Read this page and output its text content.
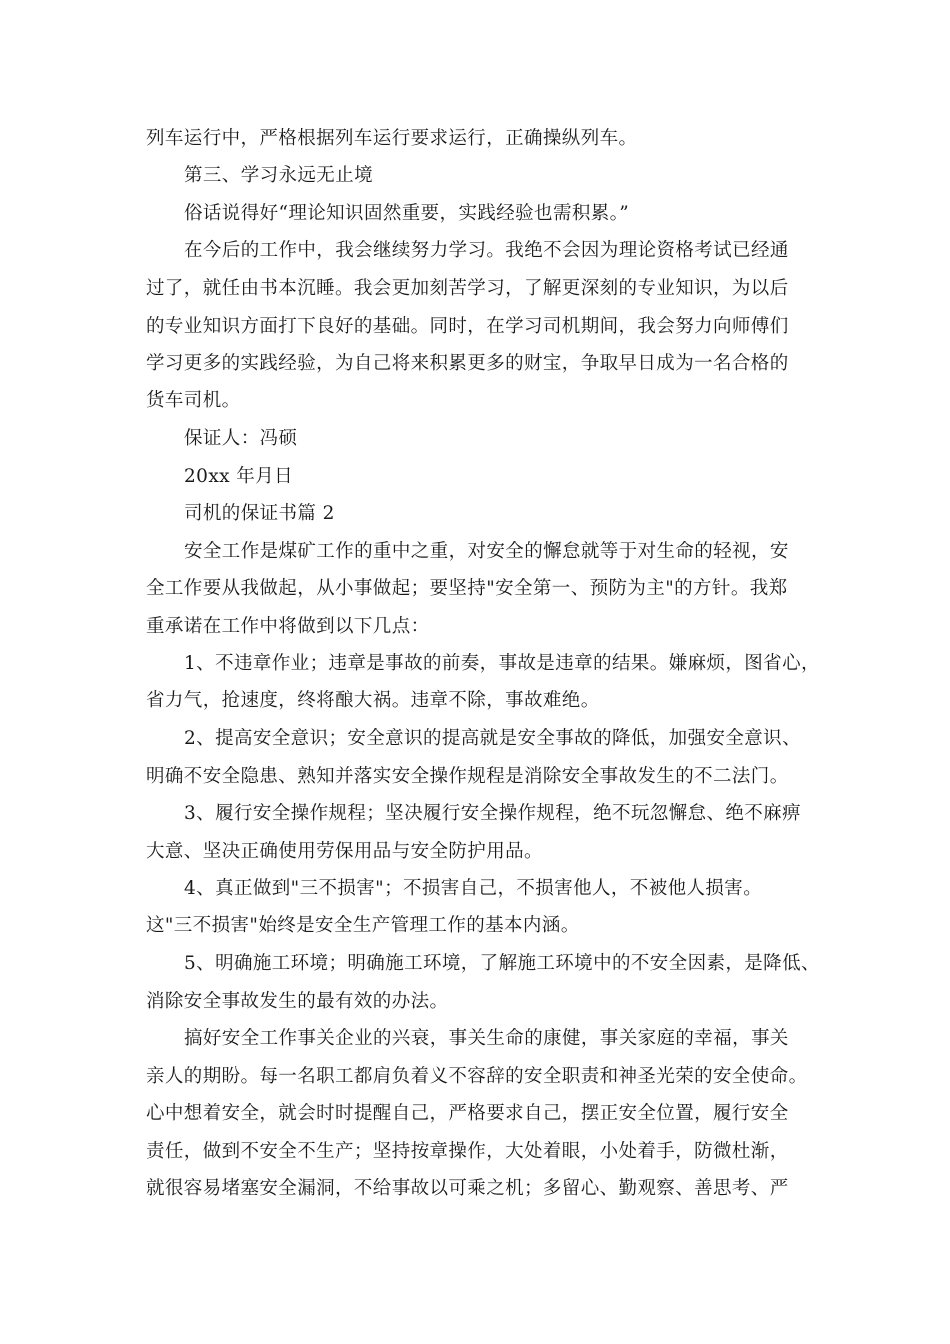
列车运行中，严格根据列车运行要求运行，正确操纵列车。
第三、学习永远无止境
俗话说得好“理论知识固然重要，实践经验也需积累。”
在今后的工作中，我会继续努力学习。我绝不会因为理论资格考试已经通
过了，就任由书本沉睡。我会更加刻苦学习，了解更深刻的专业知识，为以后
的专业知识方面打下良好的基础。同时，在学习司机期间，我会努力向师傅们
学习更多的实践经验，为自己将来积累更多的财宝，争取早日成为一名合格的
货车司机。
保证人：冯硕
20xx 年月日
司机的保证书篇 2
安全工作是煤矿工作的重中之重，对安全的懈怠就等于对生命的轻视，安
全工作要从我做起，从小事做起；要坚持"安全第一、预防为主"的方针。我郑
重承诺在工作中将做到以下几点：
1、不违章作业；违章是事故的前奏，事故是违章的结果。嫌麻烦，图省心，
省力气，抢速度，终将酿大祸。违章不除，事故难绝。
2、提高安全意识；安全意识的提高就是安全事故的降低，加强安全意识、
明确不安全隐患、熟知并落实安全操作规程是消除安全事故发生的不二法门。
3、履行安全操作规程；坚决履行安全操作规程，绝不玩忽懈怠、绝不麻痹
大意、坚决正确使用劳保用品与安全防护用品。
4、真正做到"三不损害"；不损害自己，不损害他人，不被他人损害。
这"三不损害"始终是安全生产管理工作的基本内涵。
5、明确施工环境；明确施工环境，了解施工环境中的不安全因素，是降低、
消除安全事故发生的最有效的办法。
搞好安全工作事关企业的兴衰，事关生命的康健，事关家庭的幸福，事关
亲人的期盼。每一名职工都肩负着义不容辞的安全职责和神圣光荣的安全使命。
心中想着安全，就会时时提醒自己，严格要求自己，摆正安全位置，履行安全
责任，做到不安全不生产；坚持按章操作，大处着眼，小处着手，防微杜渐，
就很容易堵塞安全漏洞，不给事故以可乘之机；多留心、勤观察、善思考、严
